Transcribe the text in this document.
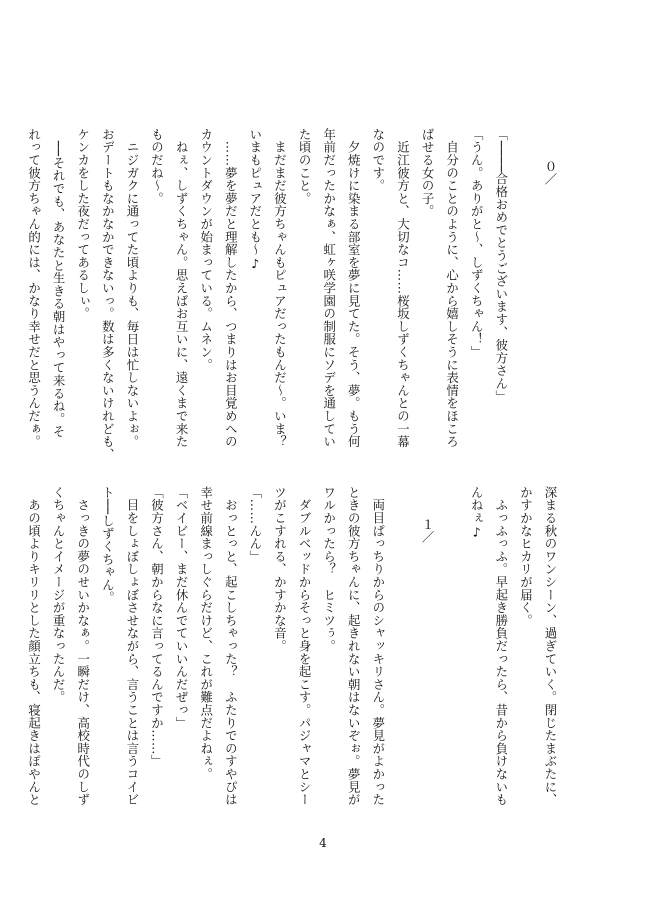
０／

「────合格おめでとうございます、彼方さん」
「うん。ありがと〜、しずくちゃん！」
　自分のことのように、心から嬉しそうに表情をほころ
ばせる女の子。
　近江彼方と、大切なコ……桜坂しずくちゃんとの一幕
なのです。
　夕焼けに染まる部室を夢に見てた。そう、夢。もう何
年前だったかなぁ、虹ヶ咲学園の制服にソデを通してい
た頃のこと。
　まだまだ彼方ちゃんもピュアだったもんだ〜。いま？
いまもピュアだとも〜♪
　……夢を夢だと理解したから、つまりはお目覚めへの
カウントダウンが始まっている。ムネン。
　ねぇ、しずくちゃん。思えばお互いに、遠くまで来た
ものだね〜。
　ニジガクに通ってた頃よりも、毎日は忙しないよぉ。
おデートもなかなかできないっ。数は多くないけれども、
ケンカをした夜だってあるしぃ。
　──それでも、あなたと生きる朝はやって来るね。そ
れって彼方ちゃん的には、かなり幸せだと思うんだぁ。
深まる秋のワンシーン、過ぎていく。閉じたまぶたに、
かすかなヒカリが届く。
　ふっふっふ。早起き勝負だったら、昔から負けないも
んねぇ♪

１／

　両目ぱっちりからのシャッキリさん。夢見がよかった
ときの彼方ちゃんに、起きれない朝はないぞぉ。夢見が
ワルかったら？　ヒミツぅ。
　ダブルベッドからそっと身を起こす。パジャマとシー
ツがこすれる、かすかな音。
「……んん」
　おっとっと、起こしちゃった？　ふたりでのすやぴは
幸せ前線まっしぐらだけど、これが難点だよねぇ。
「ベイビー、まだ休んでていいんだぜっ」
「彼方さん、朝からなに言ってるんですか……」
　目をしょぼしょぼさせながら、言うことは言うコイビ
ト──しずくちゃん。
　さっきの夢のせいかなぁ。一瞬だけ、高校時代のしず
くちゃんとイメージが重なったんだ。
　あの頃よりキリリとした顔立ちも、寝起きはぽやんと
4
